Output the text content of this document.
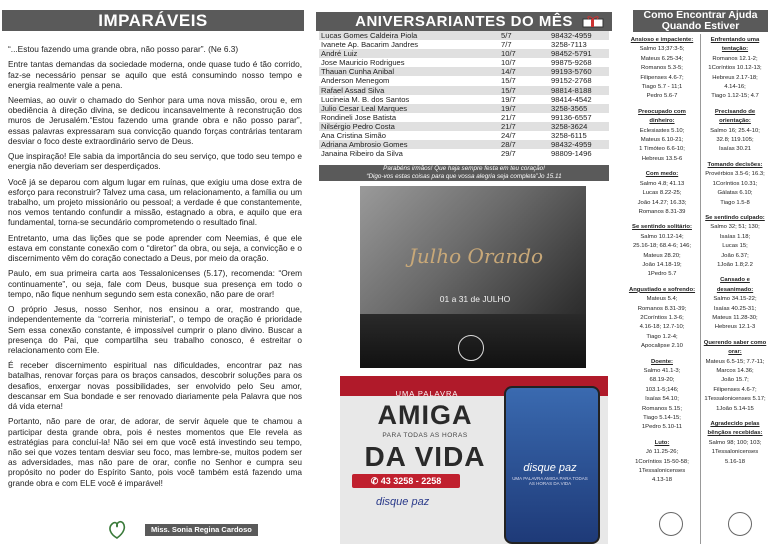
IMPARÁVEIS

“...Estou fazendo uma grande obra, não posso parar”. (Ne 6.3)

Entre tantas demandas da sociedade moderna, onde quase tudo é tão corrido, faz-se necessário pensar se aquilo que está consumindo nosso tempo e energia realmente vale a pena.

Neemias, ao ouvir o chamado do Senhor para uma nova missão, orou e, em obediência à direção divina, se dedicou incansavelmente à reconstrução dos muros de Jerusalém.“Estou fazendo uma grande obra e não posso parar”, essas palavras expressaram sua convicção quando forças contrárias tentaram desviar o foco deste extraordinário servo de Deus.

Que inspiração! Ele sabia da importância do seu serviço, que todo seu tempo e energia não deveriam ser desperdiçados.

Você já se deparou com algum lugar em ruínas, que exigiu uma dose extra de esforço para reconstruir? Talvez uma casa, um relacionamento, a família ou um trabalho, um projeto missionário ou pessoal; a verdade é que constantemente, nos vemos tentando confundir a missão, estagnado a obra, e aquilo que era fundamental, torna-se secundário comprometendo o resultado final.

Entretanto, uma das lições que se pode aprender com Neemias, é que ele estava em constante conexão com o “diretor” da obra, ou seja, a convicção e o discernimento vêm do coração conectado a Deus, por meio da oração.

Paulo, em sua primeira carta aos Tessalonicenses (5.17), recomenda: “Orem continuamente”, ou seja, fale com Deus, busque sua presença em todo o tempo, não fique nenhum segundo sem esta conexão, não pare de orar!

O próprio Jesus, nosso Senhor, nos ensinou a orar, mostrando que, independentemente da “correria ministerial”, o tempo de oração é prioridade Sem essa conexão constante, é impossível cumprir o plano divino. Buscar a presença do Pai, que compartilha seu trabalho conosco, é estreitar o relacionamento com Ele.

É receber discernimento espiritual nas dificuldades, encontrar paz nas batalhas, renovar forças para os braços cansados, descobrir soluções para os desafios, enxergar novas possibilidades, ser envolvido pelo Seu amor, descansar em Sua bondade e ser renovado diariamente pela Palavra que nos dá vida eterna!

Portanto, não pare de orar, de adorar, de servir àquele que te chamou a participar desta grande obra, pois é nestes momentos que Ele revela as estratégias para concluí-la! Não sei em que você está investindo seu tempo, não sei que vozes tentam desviar seu foco, mas lembre-se, muitos podem ser as adversidades, mas não pare de orar, confie no Senhor e cumpra seu propósito no poder do Espírito Santo, pois você também está fazendo uma grande obra e com ELE você é imparável!

Miss. Sonia Regina Cardoso
ANIVERSARIANTES DO MÊS
Lucas Gomes Caldeira Piola	5/7	98432-4959
Ivanete Ap. Bacarim Jandres	7/7	3258-7113
André Luiz	10/7	98452-5791
Jose Mauricio Rodrigues	10/7	99875-9268
Thauan Cunha Anibal	14/7	99193-5760
Anderson Menegom	15/7	99152-2768
Rafael Assad Silva	15/7	98814-8188
Lucineia M. B. dos Santos	19/7	98414-4542
Julio Cesar Leal Marques	19/7	3258-3565
Rondineli Jose Batista	21/7	99136-6557
Nilsérgio Pedro Costa	21/7	3258-3624
Ana Cristina Simão	24/7	3258-6115
Adriana Ambrosio Gomes	28/7	98432-4959
Janaina Ribeiro da Silva	29/7	98809-1496
Parabéns irmãos! Que haja sempre festa em teu coração!
“Digo-vos estas coisas para que vossa alegria seja completa”Jo 15.11
Julho Orando
01 a 31 de JULHO
UMA PALAVRA
AMIGA
PARA TODAS AS HORAS
DA VIDA
✆ 43 3258 - 2258
disque paz
disque paz
UMA PALAVRA AMIGA PARA TODAS AS HORAS DA VIDA
Como Encontrar Ajuda Quando Estiver
Ansioso e impaciente:
Salmo 13;37:3-5;
Mateus 6.25-34;
Romanos 5.3-5;
Filipenses 4.6-7;
Tiago 5.7 - 11;1
Pedro 5.6-7
Preocupado com dinheiro:
Eclesiastes 5.10;
Mateus 6.10-21;
1 Timóteo 6.6-10;
Hebreus 13.5-6
Com medo:
Salmo 4.8; 41.13
Lucas 8.22-25;
João 14.27; 16.33;
Romanos 8.31-39
Se sentindo solitário:
Salmo 10.12-14;
25.16-18; 68.4-6; 146;
Mateus 28.20;
João 14.18-19;
1Pedro 5.7
Angustiado e sofrendo:
Mateus 5.4;
Romanos 8.31-39;
2Coríntios 1.3-6;
4.16-18; 12.7-10;
Tiago 1.2-4;
Apocalipse 2.10
Doente:
Salmo 41.1-3;
68.19-20;
103.1-5;146;
Isaías 54.10;
Romanos 5.15;
Tiago 5.14-15;
1Pedro 5.10-11
Luto:
Jó 11.25-26;
1Coríntios 15-50-58;
1Tessalonicenses
4.13-18
Enfrentando uma tentação:
Romanos 12.1-2;
1Coríntios 10.12-13;
Hebreus 2.17-18;
4.14-16;
Tiago 1.12-15; 4.7
Precisando de orientação:
Salmo 16; 25.4-10;
32.8; 119.105;
Isaías 30.21
Tomando decisões:
Provérbios 3.5-6; 16.3;
1Coríntios 10.31;
Gálatas 6.10;
Tiago 1.5-8
Se sentindo culpado:
Salmo 32; 51; 130;
Isaías 1.18;
Lucas 15;
João 6.37;
1João 1.8;2.2
Cansado e desanimado:
Salmo 34.15-22;
Isaías 40.25-31;
Mateus 11.28-30;
Hebreus 12.1-3
Querendo saber como orar:
Mateus 6.5-15; 7.7-11;
Marcos 14.36;
João 15.7;
Filipenses 4.6-7;
1Tessalonicenses 5.17;
1João 5.14-15
Agradecido pelas bênçãos recebidas:
Salmo 98; 100; 103;
1Tessalonicenses
5.16-18
